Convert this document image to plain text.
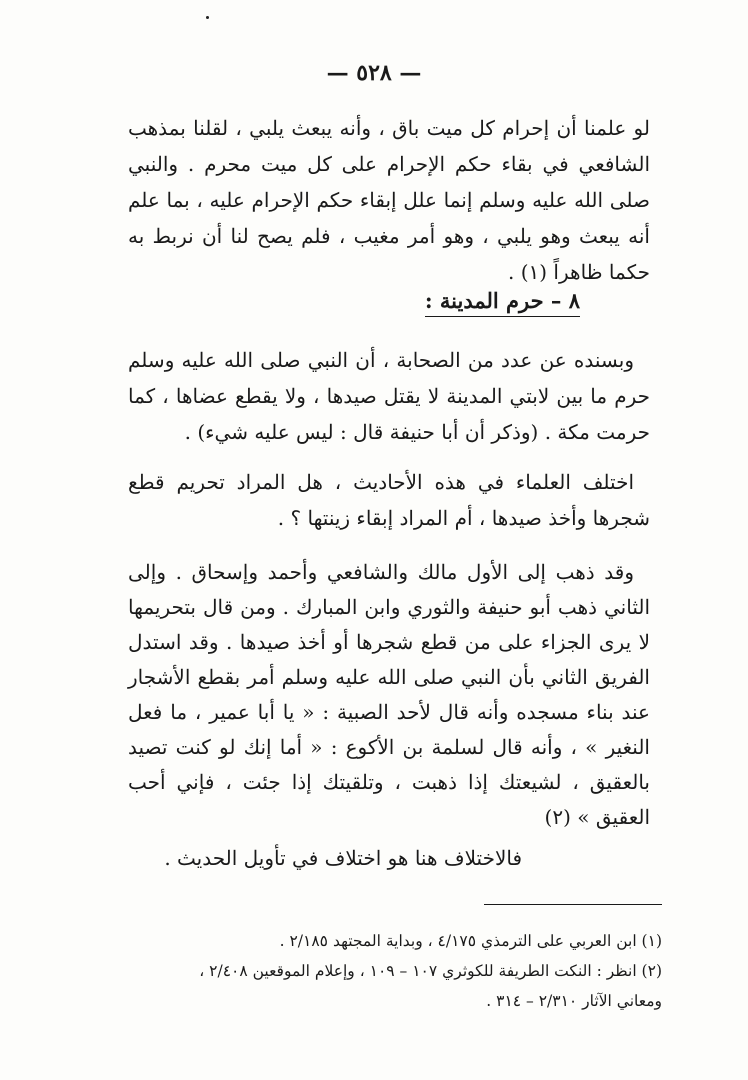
— ٥٢٨ —
لو علمنا أن إحرام كل ميت باق ، وأنه يبعث يلبي ، لقلنا بمذهب الشافعي في بقاء حكم الإحرام على كل ميت محرم . والنبي صلى الله عليه وسلم إنما علل إبقاء حكم الإحرام عليه ، بما علم أنه يبعث وهو يلبي ، وهو أمر مغيب ، فلم يصح لنا أن نربط به حكما ظاهراً (١) .
٨ – حرم المدينة :
وبسنده عن عدد من الصحابة ، أن النبي صلى الله عليه وسلم حرم ما بين لابتي المدينة لا يقتل صيدها ، ولا يقطع عضاها ، كما حرمت مكة . (وذكر أن أبا حنيفة قال : ليس عليه شيء) .
اختلف العلماء في هذه الأحاديث ، هل المراد تحريم قطع شجرها وأخذ صيدها ، أم المراد إبقاء زينتها ؟ .
وقد ذهب إلى الأول مالك والشافعي وأحمد وإسحاق . وإلى الثاني ذهب أبو حنيفة والثوري وابن المبارك . ومن قال بتحريمها لا يرى الجزاء على من قطع شجرها أو أخذ صيدها . وقد استدل الفريق الثاني بأن النبي صلى الله عليه وسلم أمر بقطع الأشجار عند بناء مسجده وأنه قال لأحد الصبية : « يا أبا عمير ، ما فعل النغير » ، وأنه قال لسلمة بن الأكوع : « أما إنك لو كنت تصيد بالعقيق ، لشيعتك إذا ذهبت ، وتلقيتك إذا جئت ، فإني أحب العقيق » (٢)
فالاختلاف هنا هو اختلاف في تأويل الحديث .
(١) ابن العربي على الترمذي ٤/١٧٥ ، وبداية المجتهد ٢/١٨٥ .
(٢) انظر : النكت الطريفة للكوثري ١٠٧ – ١٠٩ ، وإعلام الموقعين ٢/٤٠٨ ،
ومعاني الآثار ٢/٣١٠ – ٣١٤ .
